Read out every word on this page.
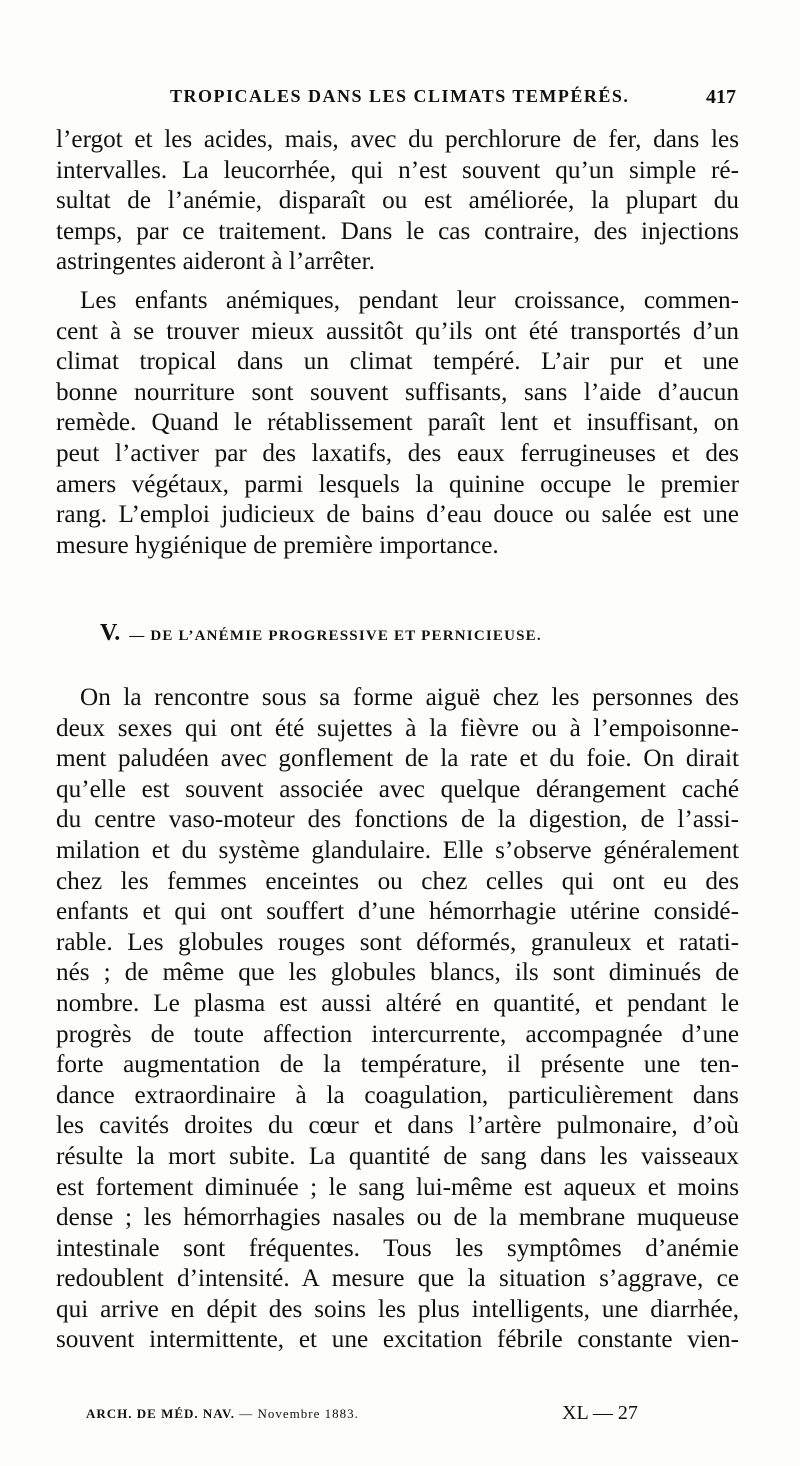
TROPICALES DANS LES CLIMATS TEMPÉRÉS.	417
l’ergot et les acides, mais, avec du perchlorure de fer, dans les
intervalles. La leucorrhée, qui n’est souvent qu’un simple ré-
sultat de l’anémie, disparaît ou est améliorée, la plupart du
temps, par ce traitement. Dans le cas contraire, des injections
astringentes aideront à l’arrêter.
Les enfants anémiques, pendant leur croissance, commen-
cent à se trouver mieux aussitôt qu’ils ont été transportés d’un
climat tropical dans un climat tempéré. L’air pur et une
bonne nourriture sont souvent suffisants, sans l’aide d’aucun
remède. Quand le rétablissement paraît lent et insuffisant, on
peut l’activer par des laxatifs, des eaux ferrugineuses et des
amers végétaux, parmi lesquels la quinine occupe le premier
rang. L’emploi judicieux de bains d’eau douce ou salée est une
mesure hygiénique de première importance.
V. — DE L’ANÉMIE PROGRESSIVE ET PERNICIEUSE.
On la rencontre sous sa forme aiguë chez les personnes des
deux sexes qui ont été sujettes à la fièvre ou à l’empoisonne-
ment paludéen avec gonflement de la rate et du foie. On dirait
qu’elle est souvent associée avec quelque dérangement caché
du centre vaso-moteur des fonctions de la digestion, de l’assi-
milation et du système glandulaire. Elle s’observe généralement
chez les femmes enceintes ou chez celles qui ont eu des
enfants et qui ont souffert d’une hémorrhagie utérine considé-
rable. Les globules rouges sont déformés, granuleux et ratati-
nés ; de même que les globules blancs, ils sont diminués de
nombre. Le plasma est aussi altéré en quantité, et pendant le
progrès de toute affection intercurrente, accompagnée d’une
forte augmentation de la température, il présente une ten-
dance extraordinaire à la coagulation, particulièrement dans
les cavités droites du cœur et dans l’artère pulmonaire, d’où
résulte la mort subite. La quantité de sang dans les vaisseaux
est fortement diminuée ; le sang lui-même est aqueux et moins
dense ; les hémorrhagies nasales ou de la membrane muqueuse
intestinale sont fréquentes. Tous les symptômes d’anémie
redoublent d’intensité. A mesure que la situation s’aggrave, ce
qui arrive en dépit des soins les plus intelligents, une diarrhée,
souvent intermittente, et une excitation fébrile constante vien-
ARCH. DE MÉD. NAV. — Novembre 1883.	XL — 27
